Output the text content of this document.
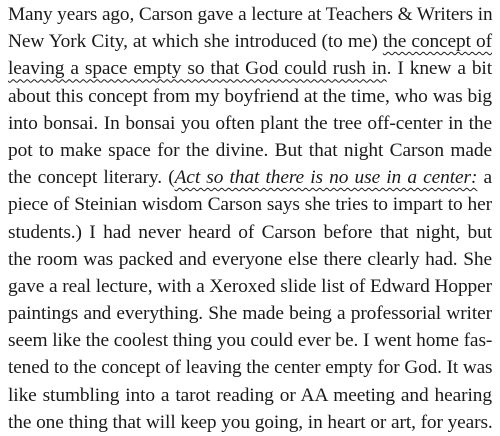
Many years ago, Carson gave a lecture at Teachers & Writers in
New York City, at which she introduced (to me) the concept of
leaving a space empty so that God could rush in. I knew a bit
about this concept from my boyfriend at the time, who was big
into bonsai. In bonsai you often plant the tree off-center in the
pot to make space for the divine. But that night Carson made
the concept literary. (Act so that there is no use in a center: a
piece of Steinian wisdom Carson says she tries to impart to her
students.) I had never heard of Carson before that night, but
the room was packed and everyone else there clearly had. She
gave a real lecture, with a Xeroxed slide list of Edward Hopper
paintings and everything. She made being a professorial writer
seem like the coolest thing you could ever be. I went home fas-
tened to the concept of leaving the center empty for God. It was
like stumbling into a tarot reading or AA meeting and hearing
the one thing that will keep you going, in heart or art, for years.
